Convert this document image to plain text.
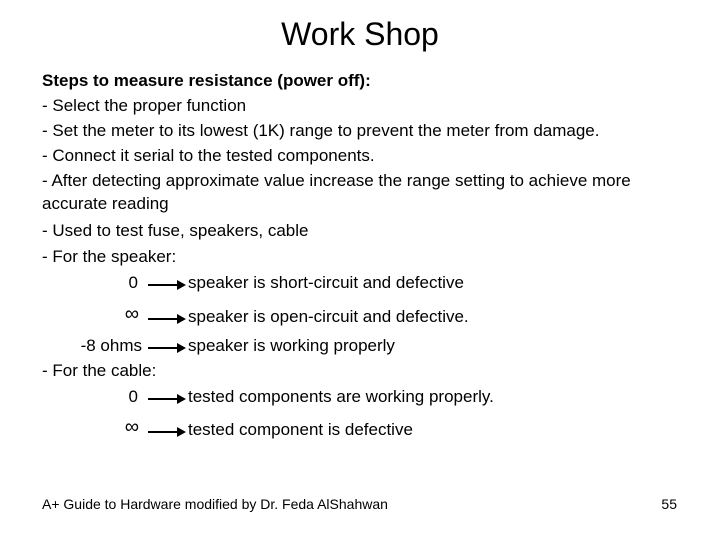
Work Shop
Steps to measure resistance (power off):
- Select the proper function
- Set the meter to its lowest (1K) range to prevent the meter from damage.
- Connect it serial to the tested components.
- After detecting approximate value increase the range setting to achieve more
accurate reading
- Used to test fuse, speakers, cable
- For the speaker:
0	speaker is short-circuit and defective
∞	speaker is open-circuit and defective.
-8 ohms	speaker is working properly
- For the cable:
0	tested components are working properly.
∞	tested component is defective
A+ Guide to Hardware modified by Dr. Feda AlShahwan	55
